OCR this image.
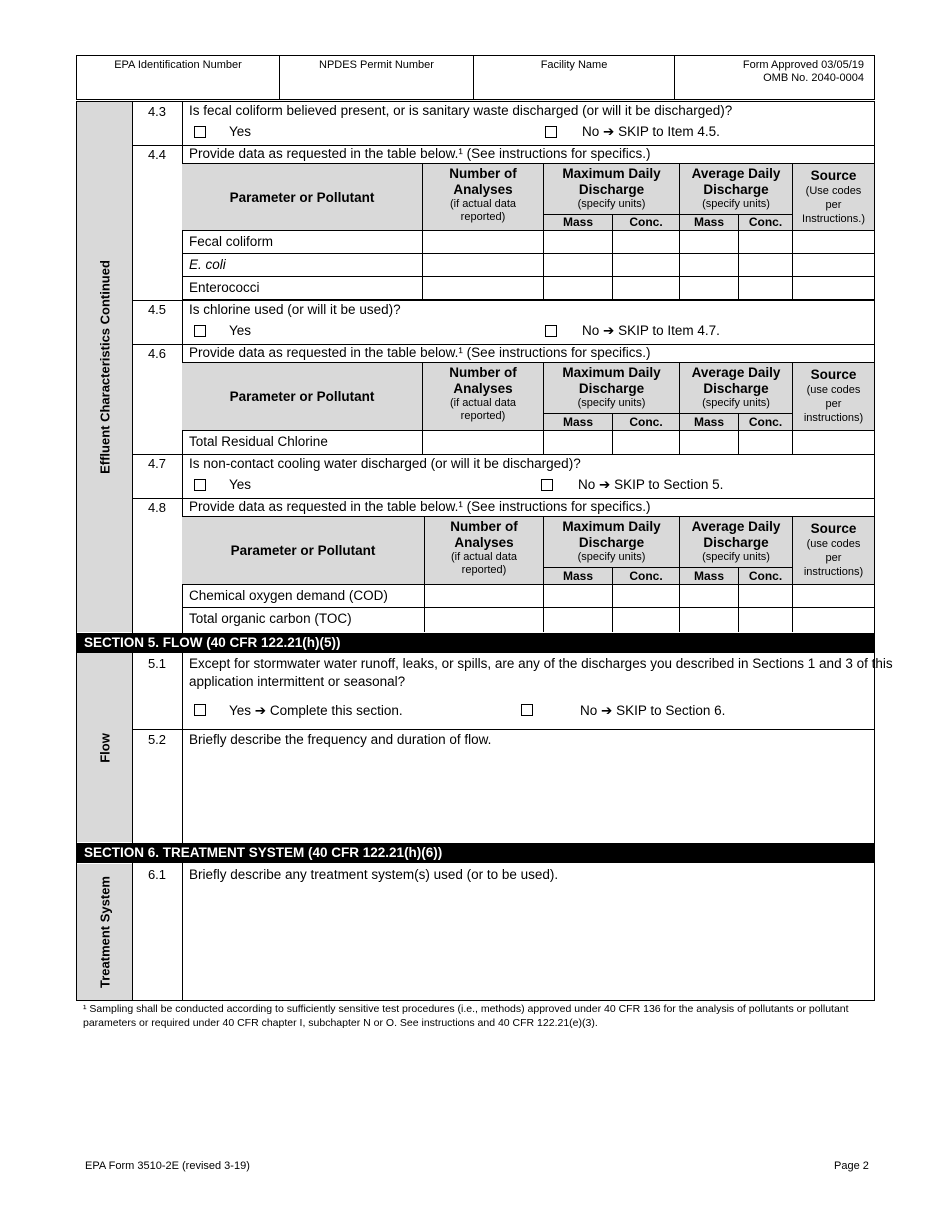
EPA Identification Number	NPDES Permit Number	Facility Name	Form Approved 03/05/19
OMB No. 2040-0004
Effluent Characteristics Continued
Flow
Treatment System
4.3	Is fecal coliform believed present, or is sanitary waste discharged (or will it be discharged)?
Yes	No ➔ SKIP to Item 4.5.
4.4	Provide data as requested in the table below.¹ (See instructions for specifics.)
Parameter or Pollutant
Number of
Analyses
(if actual data
reported)
Maximum Daily
Discharge
(specify units)
Mass	Conc.
Average Daily
Discharge
(specify units)
Mass	Conc.
Source
(Use codes
per
Instructions.)
Fecal coliform
E. coli
Enterococci
4.5	Is chlorine used (or will it be used)?
Yes	No ➔ SKIP to Item 4.7.
4.6	Provide data as requested in the table below.¹ (See instructions for specifics.)
Parameter or Pollutant
Number of
Analyses
(if actual data
reported)
Maximum Daily
Discharge
(specify units)
Mass	Conc.
Average Daily
Discharge
(specify units)
Mass	Conc.
Source
(use codes
per
instructions)
Total Residual Chlorine
4.7	Is non-contact cooling water discharged (or will it be discharged)?
Yes	No ➔ SKIP to Section 5.
4.8	Provide data as requested in the table below.¹ (See instructions for specifics.)
Parameter or Pollutant
Number of
Analyses
(if actual data
reported)
Maximum Daily
Discharge
(specify units)
Mass	Conc.
Average Daily
Discharge
(specify units)
Mass	Conc.
Source
(use codes
per
instructions)
Chemical oxygen demand (COD)
Total organic carbon (TOC)
SECTION 5. FLOW (40 CFR 122.21(h)(5))
5.1	Except for stormwater water runoff, leaks, or spills, are any of the discharges you described in Sections 1 and 3 of this
application intermittent or seasonal?
Yes ➔ Complete this section.	No ➔ SKIP to Section 6.
5.2	Briefly describe the frequency and duration of flow.
SECTION 6. TREATMENT SYSTEM (40 CFR 122.21(h)(6))
6.1	Briefly describe any treatment system(s) used (or to be used).
¹ Sampling shall be conducted according to sufficiently sensitive test procedures (i.e., methods) approved under 40 CFR 136 for the analysis of pollutants or pollutant
parameters or required under 40 CFR chapter I, subchapter N or O. See instructions and 40 CFR 122.21(e)(3).
EPA Form 3510-2E (revised 3-19)	Page 2
